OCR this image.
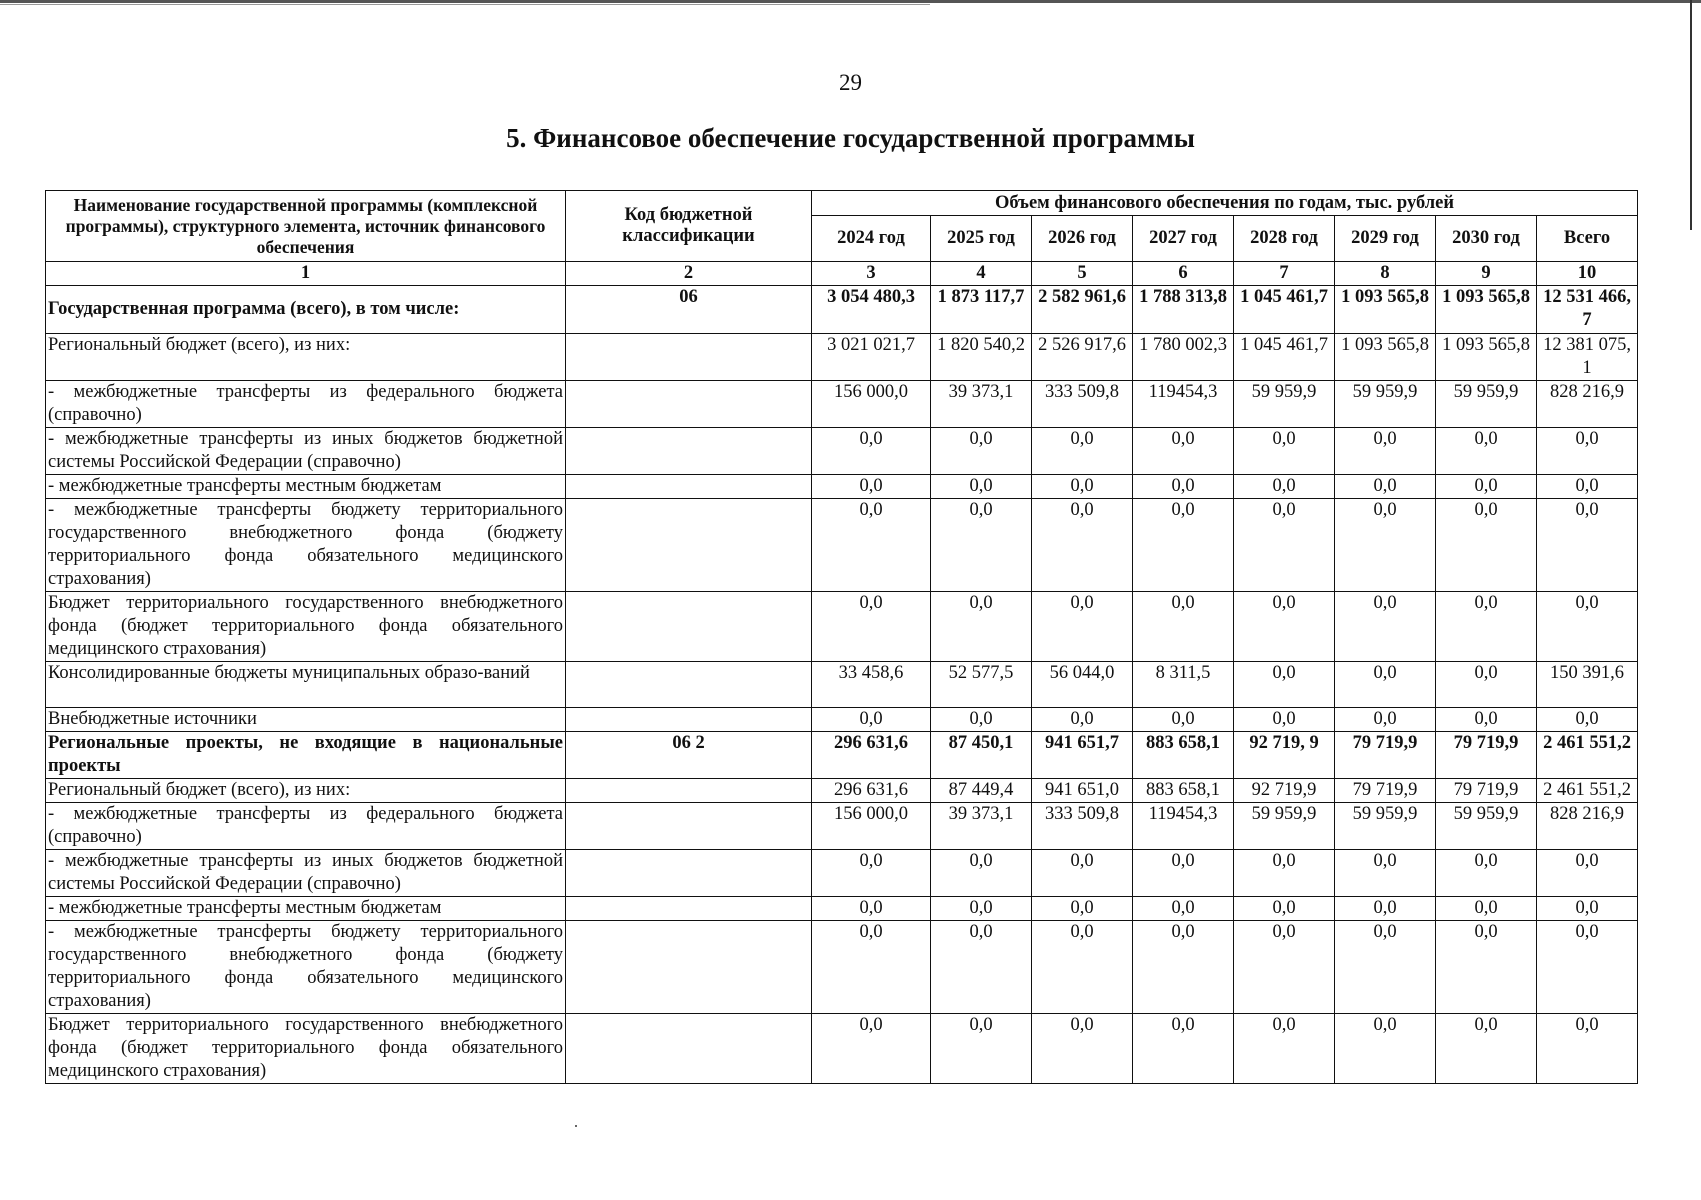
29
5. Финансовое обеспечение государственной программы
Наименование государственной программы (комплексной программы), структурного элемента, источник финансового обеспечения	Код бюджетной классификации	Объем финансового обеспечения по годам, тыс. рублей							
		2024 год	2025 год	2026 год	2027 год	2028 год	2029 год	2030 год	Всего
1	2	3	4	5	6	7	8	9	10
Государственная программа (всего), в том числе:	06	3 054 480,3	1 873 117,7	2 582 961,6	1 788 313,8	1 045 461,7	1 093 565,8	1 093 565,8	12 531 466,7
Региональный бюджет (всего), из них:		3 021 021,7	1 820 540,2	2 526 917,6	1 780 002,3	1 045 461,7	1 093 565,8	1 093 565,8	12 381 075,1
- межбюджетные трансферты из федерального бюджета (справочно)		156 000,0	39 373,1	333 509,8	119454,3	59 959,9	59 959,9	59 959,9	828 216,9
- межбюджетные трансферты из иных бюджетов бюджетной системы Российской Федерации (справочно)		0,0	0,0	0,0	0,0	0,0	0,0	0,0	0,0
- межбюджетные трансферты местным бюджетам		0,0	0,0	0,0	0,0	0,0	0,0	0,0	0,0
- межбюджетные трансферты бюджету территориального государственного внебюджетного фонда (бюджету территориального фонда обязательного медицинского страхования)		0,0	0,0	0,0	0,0	0,0	0,0	0,0	0,0
Бюджет территориального государственного внебюджетного фонда (бюджет территориального фонда обязательного медицинского страхования)		0,0	0,0	0,0	0,0	0,0	0,0	0,0	0,0
Консолидированные бюджеты муниципальных образо-ваний		33 458,6	52 577,5	56 044,0	8 311,5	0,0	0,0	0,0	150 391,6
Внебюджетные источники		0,0	0,0	0,0	0,0	0,0	0,0	0,0	0,0
Региональные проекты, не входящие в национальные проекты	06 2	296 631,6	87 450,1	941 651,7	883 658,1	92 719, 9	79 719,9	79 719,9	2 461 551,2
Региональный бюджет (всего), из них:		296 631,6	87 449,4	941 651,0	883 658,1	92 719,9	79 719,9	79 719,9	2 461 551,2
- межбюджетные трансферты из федерального бюджета (справочно)		156 000,0	39 373,1	333 509,8	119454,3	59 959,9	59 959,9	59 959,9	828 216,9
- межбюджетные трансферты из иных бюджетов бюджетной системы Российской Федерации (справочно)		0,0	0,0	0,0	0,0	0,0	0,0	0,0	0,0
- межбюджетные трансферты местным бюджетам		0,0	0,0	0,0	0,0	0,0	0,0	0,0	0,0
- межбюджетные трансферты бюджету территориального государственного внебюджетного фонда (бюджету территориального фонда обязательного медицинского страхования)		0,0	0,0	0,0	0,0	0,0	0,0	0,0	0,0
Бюджет территориального государственного внебюджетного фонда (бюджет территориального фонда обязательного медицинского страхования)		0,0	0,0	0,0	0,0	0,0	0,0	0,0	0,0
